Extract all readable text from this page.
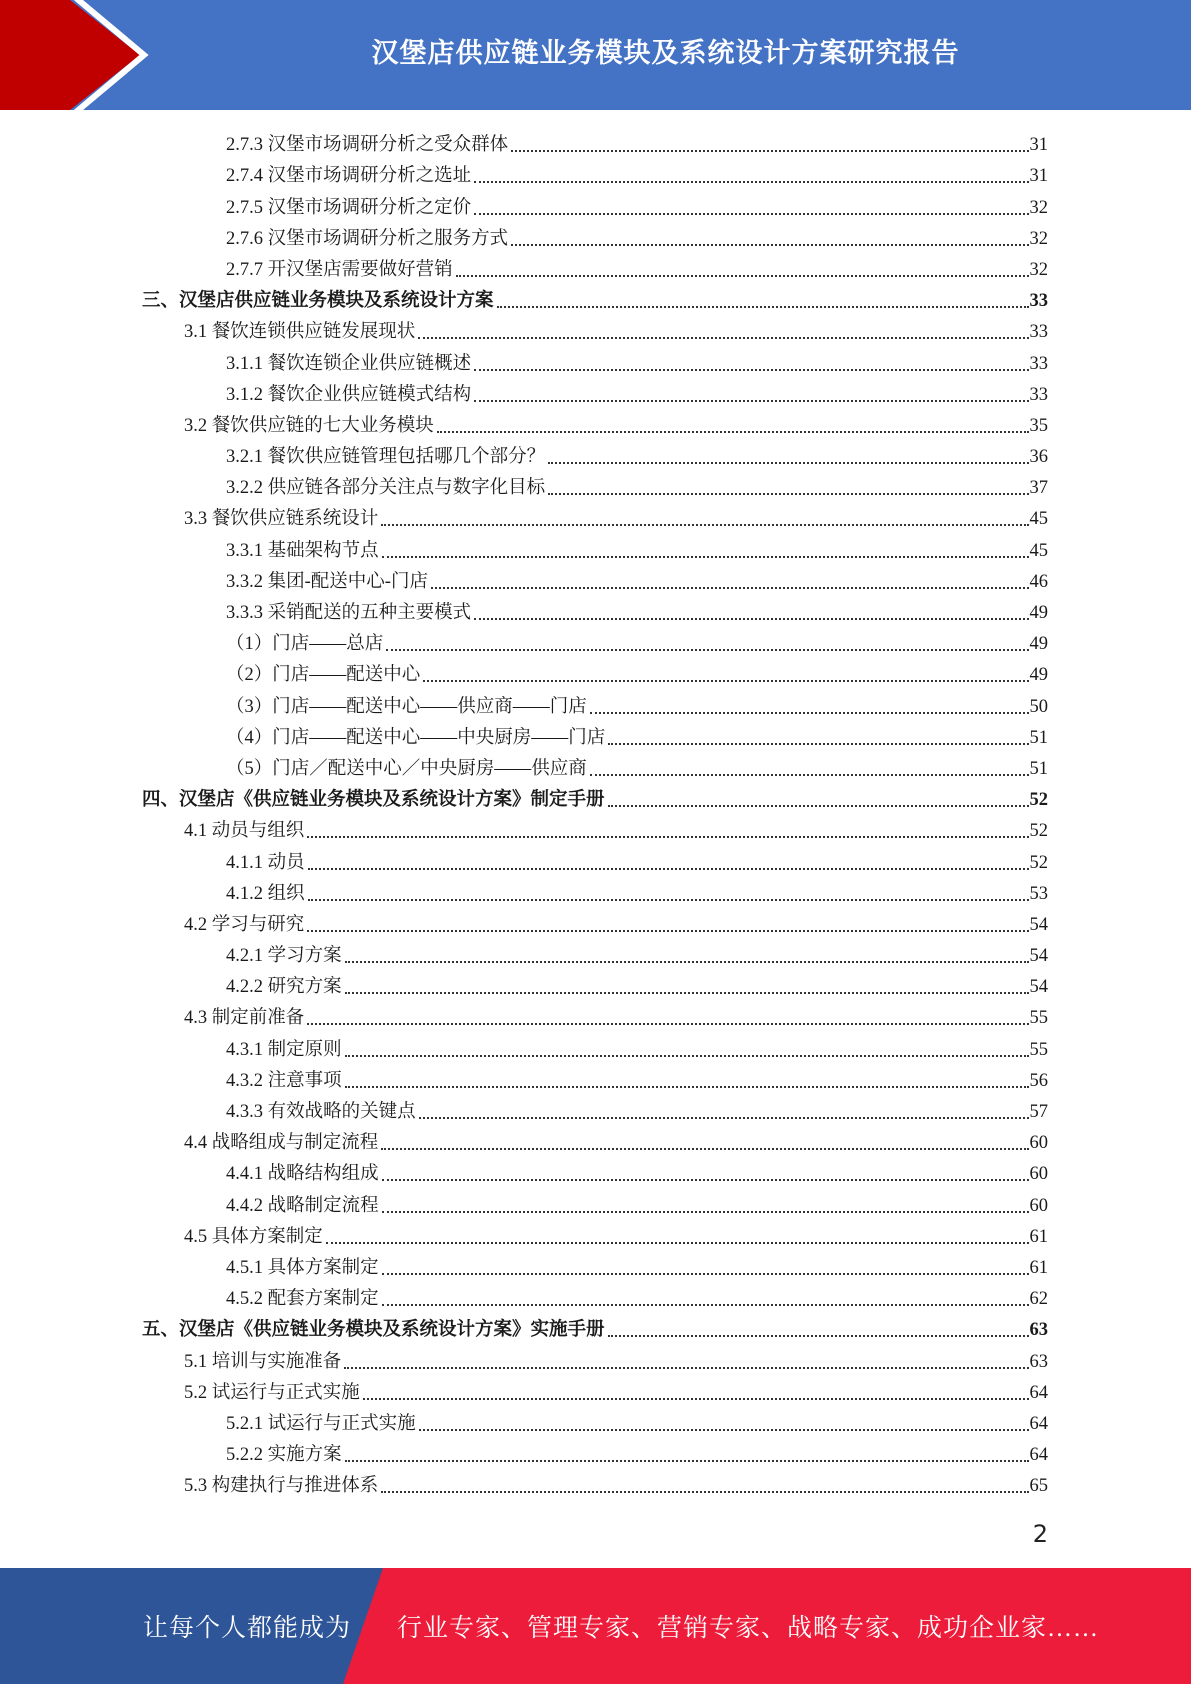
汉堡店供应链业务模块及系统设计方案研究报告
2.7.3 汉堡市场调研分析之受众群体	31
2.7.4 汉堡市场调研分析之选址	31
2.7.5 汉堡市场调研分析之定价	32
2.7.6 汉堡市场调研分析之服务方式	32
2.7.7 开汉堡店需要做好营销	32
三、汉堡店供应链业务模块及系统设计方案	33
3.1 餐饮连锁供应链发展现状	33
3.1.1 餐饮连锁企业供应链概述	33
3.1.2 餐饮企业供应链模式结构	33
3.2 餐饮供应链的七大业务模块	35
3.2.1 餐饮供应链管理包括哪几个部分？	36
3.2.2 供应链各部分关注点与数字化目标	37
3.3 餐饮供应链系统设计	45
3.3.1 基础架构节点	45
3.3.2 集团-配送中心-门店	46
3.3.3 采销配送的五种主要模式	49
（1）门店——总店	49
（2）门店——配送中心	49
（3）门店——配送中心——供应商——门店	50
（4）门店——配送中心——中央厨房——门店	51
（5）门店／配送中心／中央厨房——供应商	51
四、汉堡店《供应链业务模块及系统设计方案》制定手册	52
4.1 动员与组织	52
4.1.1 动员	52
4.1.2 组织	53
4.2 学习与研究	54
4.2.1 学习方案	54
4.2.2 研究方案	54
4.3 制定前准备	55
4.3.1 制定原则	55
4.3.2 注意事项	56
4.3.3 有效战略的关键点	57
4.4 战略组成与制定流程	60
4.4.1 战略结构组成	60
4.4.2 战略制定流程	60
4.5 具体方案制定	61
4.5.1 具体方案制定	61
4.5.2 配套方案制定	62
五、汉堡店《供应链业务模块及系统设计方案》实施手册	63
5.1 培训与实施准备	63
5.2 试运行与正式实施	64
5.2.1 试运行与正式实施	64
5.2.2 实施方案	64
5.3 构建执行与推进体系	65
2
让每个人都能成为 行业专家、管理专家、营销专家、战略专家、成功企业家……
